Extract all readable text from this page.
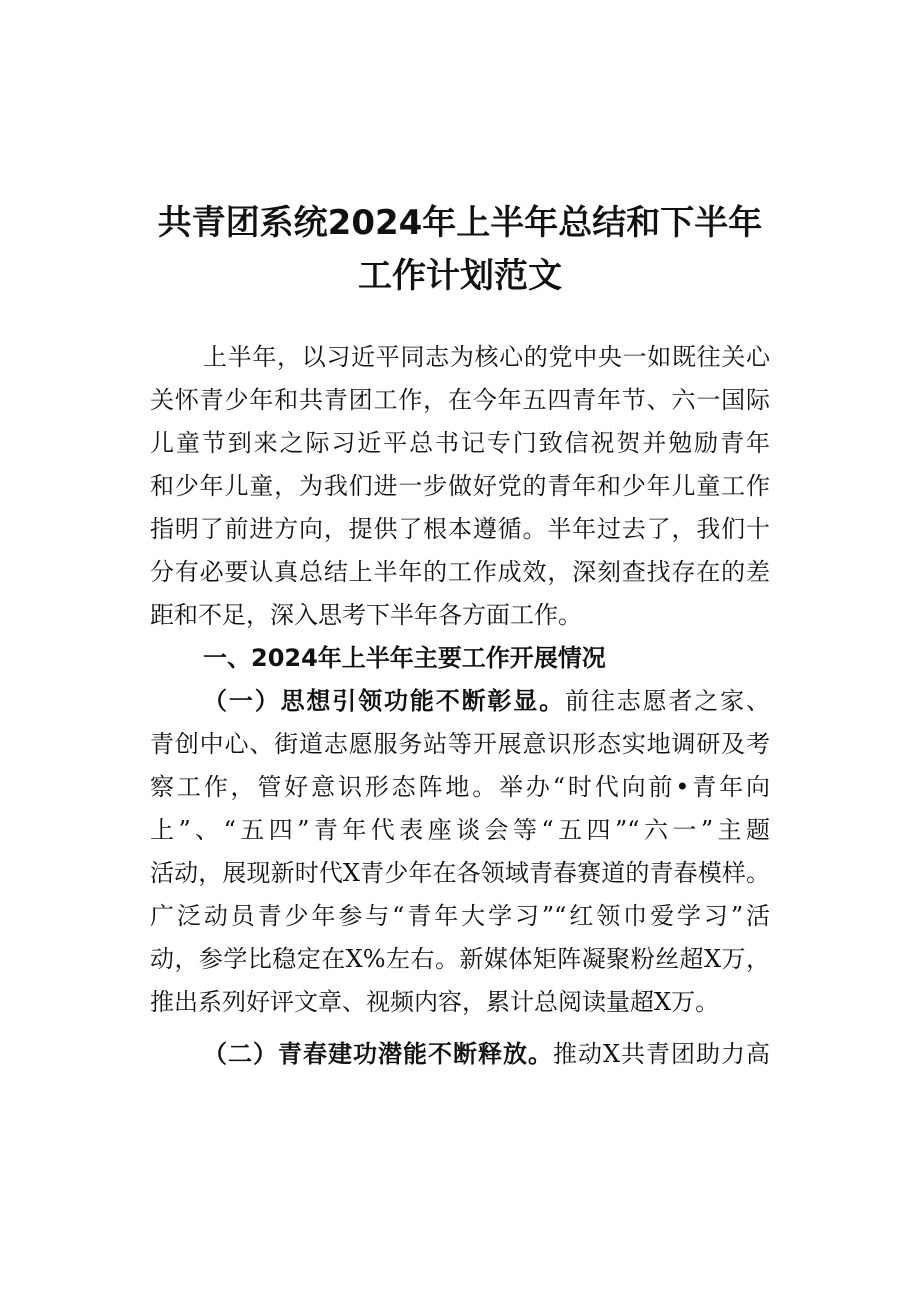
共青团系统2024年上半年总结和下半年
工作计划范文
上半年，以习近平同志为核心的党中央一如既往关心
关怀青少年和共青团工作，在今年五四青年节、六一国际
儿童节到来之际习近平总书记专门致信祝贺并勉励青年
和少年儿童，为我们进一步做好党的青年和少年儿童工作
指明了前进方向，提供了根本遵循。半年过去了，我们十
分有必要认真总结上半年的工作成效，深刻查找存在的差
距和不足，深入思考下半年各方面工作。
一、2024年上半年主要工作开展情况
（一）思想引领功能不断彰显。前往志愿者之家、
青创中心、街道志愿服务站等开展意识形态实地调研及考
察工作，管好意识形态阵地。举办“时代向前•青年向
上”、“五四”青年代表座谈会等“五四”“六一”主题
活动，展现新时代X青少年在各领域青春赛道的青春模样。
广泛动员青少年参与“青年大学习”“红领巾爱学习”活
动，参学比稳定在X%左右。新媒体矩阵凝聚粉丝超X万，
推出系列好评文章、视频内容，累计总阅读量超X万。
（二）青春建功潜能不断释放。推动X共青团助力高
